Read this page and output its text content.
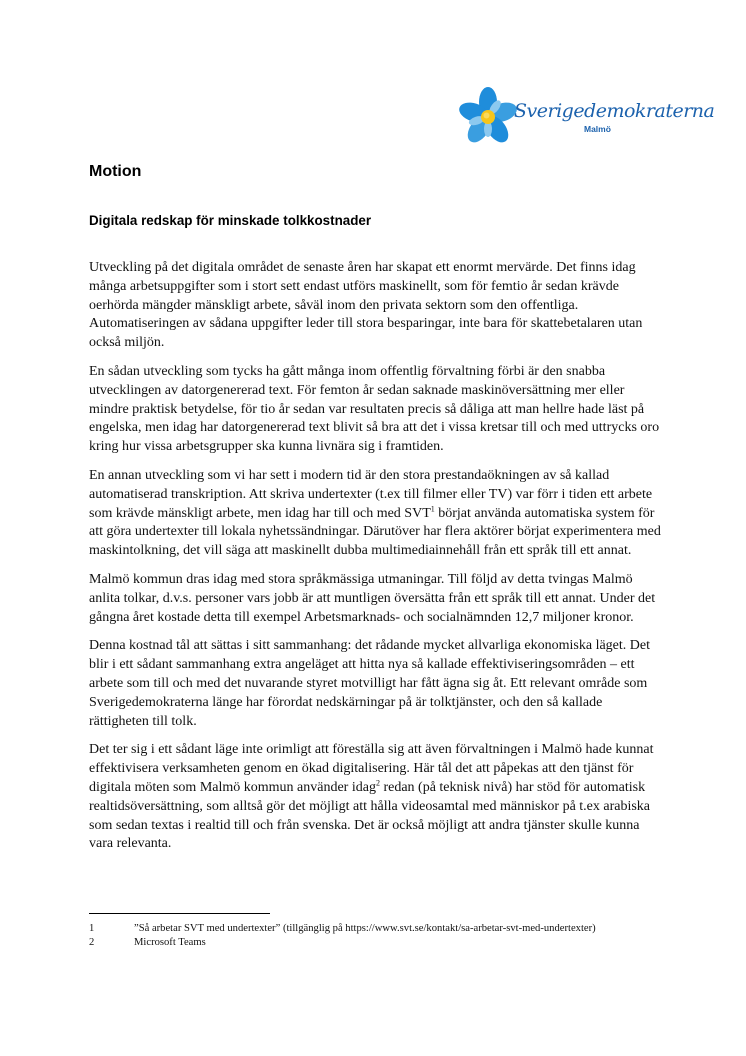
Sverigedemokraterna
Malmö
Motion
Digitala redskap för minskade tolkkostnader

Utveckling på det digitala området de senaste åren har skapat ett enormt mervärde. Det finns idag många arbetsuppgifter som i stort sett endast utförs maskinellt, som för femtio år sedan krävde oerhörda mängder mänskligt arbete, såväl inom den privata sektorn som den offentliga. Automatiseringen av sådana uppgifter leder till stora besparingar, inte bara för skattebetalaren utan också miljön.

En sådan utveckling som tycks ha gått många inom offentlig förvaltning förbi är den snabba utvecklingen av datorgenererad text. För femton år sedan saknade maskinöversättning mer eller mindre praktisk betydelse, för tio år sedan var resultaten precis så dåliga att man hellre hade läst på engelska, men idag har datorgenererad text blivit så bra att det i vissa kretsar till och med uttrycks oro kring hur vissa arbetsgrupper ska kunna livnära sig i framtiden.

En annan utveckling som vi har sett i modern tid är den stora prestandaökningen av så kallad automatiserad transkription. Att skriva undertexter (t.ex till filmer eller TV) var förr i tiden ett arbete som krävde mänskligt arbete, men idag har till och med SVT$^1$ börjat använda automatiska system för att göra undertexter till lokala nyhetssändningar. Därutöver har flera aktörer börjat experimentera med maskintolkning, det vill säga att maskinellt dubba multimediainnehåll från ett språk till ett annat.

Malmö kommun dras idag med stora språkmässiga utmaningar. Till följd av detta tvingas Malmö anlita tolkar, d.v.s. personer vars jobb är att muntligen översätta från ett språk till ett annat. Under det gångna året kostade detta till exempel Arbetsmarknads- och socialnämnden 12,7 miljoner kronor.

Denna kostnad tål att sättas i sitt sammanhang: det rådande mycket allvarliga ekonomiska läget. Det blir i ett sådant sammanhang extra angeläget att hitta nya så kallade effektiviseringsområden – ett arbete som till och med det nuvarande styret motvilligt har fått ägna sig åt. Ett relevant område som Sverigedemokraterna länge har förordat nedskärningar på är tolktjänster, och den så kallade rättigheten till tolk.

Det ter sig i ett sådant läge inte orimligt att föreställa sig att även förvaltningen i Malmö hade kunnat effektivisera verksamheten genom en ökad digitalisering. Här tål det att påpekas att den tjänst för digitala möten som Malmö kommun använder idag$^2$ redan (på teknisk nivå) har stöd för automatisk realtidsöversättning, som alltså gör det möjligt att hålla videosamtal med människor på t.ex arabiska som sedan textas i realtid till och från svenska. Det är också möjligt att andra tjänster skulle kunna vara relevanta.

1	”Så arbetar SVT med undertexter” (tillgänglig på https://www.svt.se/kontakt/sa-arbetar-svt-med-undertexter)
2	Microsoft Teams
